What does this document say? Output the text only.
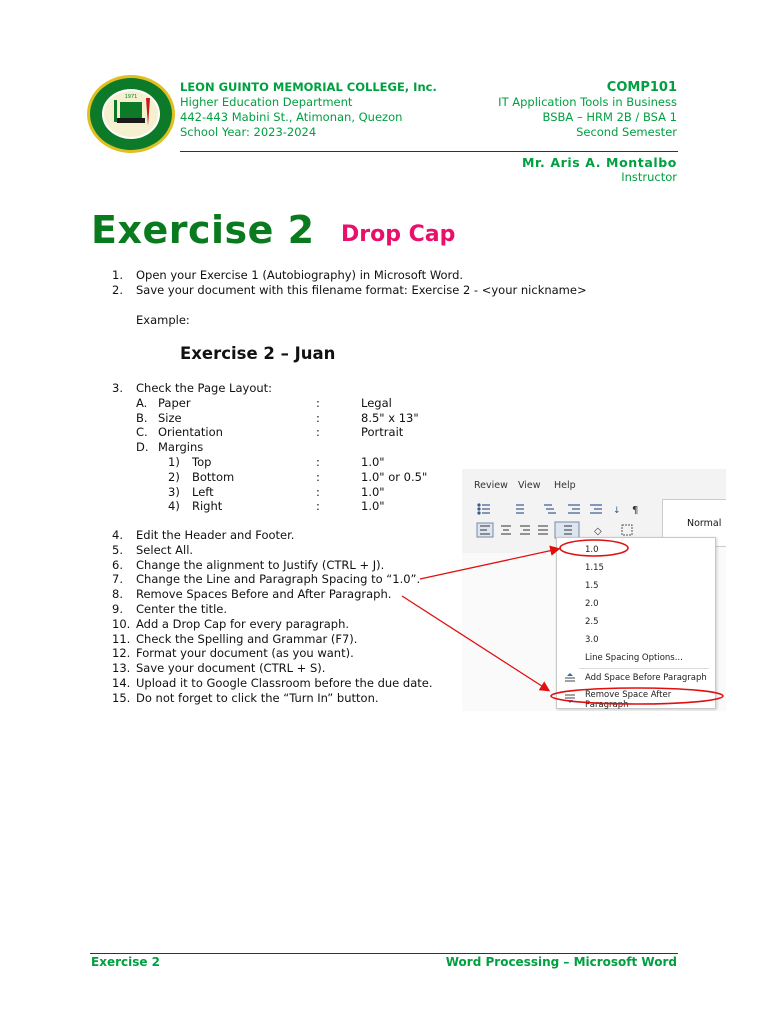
1971
LEON GUINTO MEMORIAL COLLEGE, Inc.
Higher Education Department
442-443 Mabini St., Atimonan, Quezon
School Year: 2023-2024
COMP101
IT Application Tools in Business
BSBA – HRM 2B / BSA 1
Second Semester
Mr. Aris A. Montalbo
Instructor
Exercise 2 Drop Cap
1. Open your Exercise 1 (Autobiography) in Microsoft Word.
2. Save your document with this filename format: Exercise 2 - <your nickname>
Example:
Exercise 2 – Juan
3. Check the Page Layout:
A. Paper	:	Legal
B. Size	:	8.5" x 13"
C. Orientation	:	Portrait
D. Margins
1) Top	:	1.0"
2) Bottom	:	1.0" or 0.5"
3) Left	:	1.0"
4) Right	:	1.0"
4. Edit the Header and Footer.
5. Select All.
6. Change the alignment to Justify (CTRL + J).
7. Change the Line and Paragraph Spacing to “1.0”.
8. Remove Spaces Before and After Paragraph.
9. Center the title.
10. Add a Drop Cap for every paragraph.
11. Check the Spelling and Grammar (F7).
12. Format your document (as you want).
13. Save your document (CTRL + S).
14. Upload it to Google Classroom before the due date.
15. Do not forget to click the “Turn In” button.
Review View Help
↓ ¶
◇
Normal
1.0
1.15
1.5
2.0
2.5
3.0
Line Spacing Options...
Add Space Before Paragraph
Remove Space After Paragraph
Exercise 2	Word Processing – Microsoft Word
